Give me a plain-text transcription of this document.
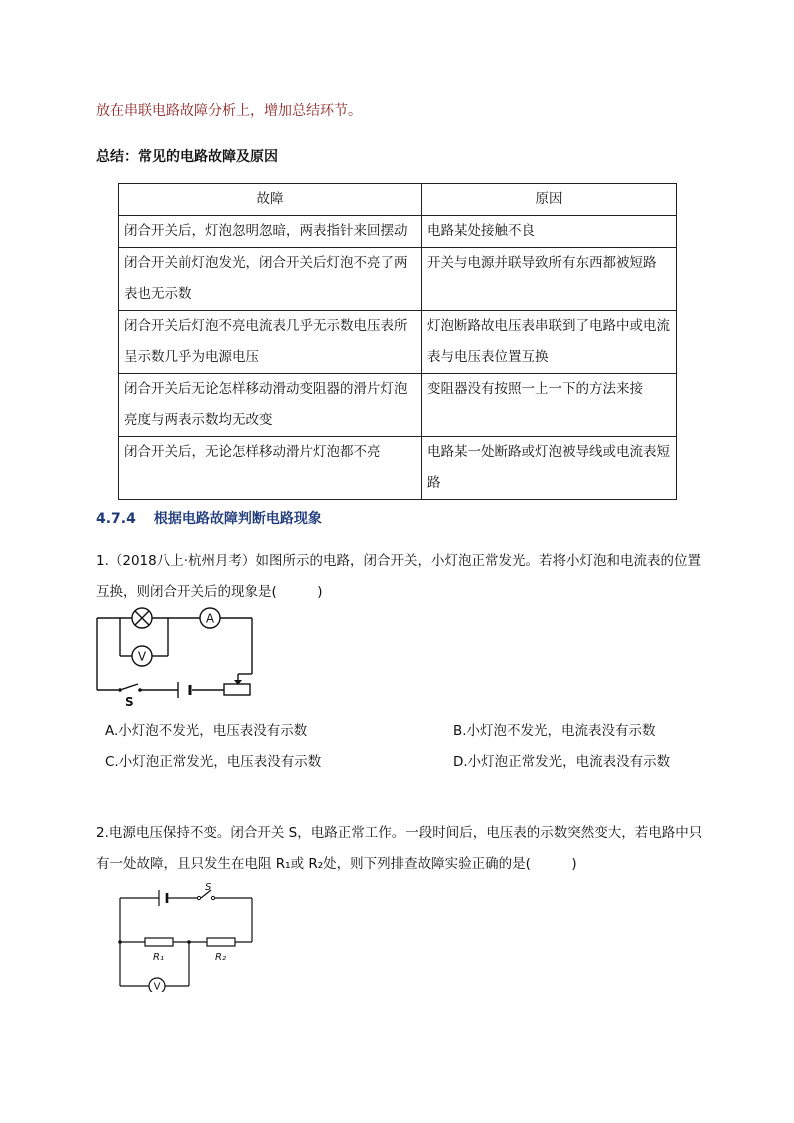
放在串联电路故障分析上，增加总结环节。
总结：常见的电路故障及原因
故障	原因
闭合开关后，灯泡忽明忽暗，两表指针来回摆动	电路某处接触不良
闭合开关前灯泡发光，闭合开关后灯泡不亮了两表也无示数	开关与电源并联导致所有东西都被短路
闭合开关后灯泡不亮电流表几乎无示数电压表所呈示数几乎为电源电压	灯泡断路故电压表串联到了电路中或电流表与电压表位置互换
闭合开关后无论怎样移动滑动变阻器的滑片灯泡亮度与两表示数均无改变	变阻器没有按照一上一下的方法来接
闭合开关后，无论怎样移动滑片灯泡都不亮	电路某一处断路或灯泡被导线或电流表短路
4.7.4 根据电路故障判断电路现象
1.（2018八上·杭州月考）如图所示的电路，闭合开关，小灯泡正常发光。若将小灯泡和电流表的位置互换，则闭合开关后的现象是(　　　)
A
V
S
A.小灯泡不发光，电压表没有示数	B.小灯泡不发光，电流表没有示数
C.小灯泡正常发光，电压表没有示数	D.小灯泡正常发光，电流表没有示数
2.电源电压保持不变。闭合开关 S，电路正常工作。一段时间后，电压表的示数突然变大，若电路中只有一处故障，且只发生在电阻 R₁或 R₂处，则下列排查故障实验正确的是(　　　)
S
R₁	R₂
V
